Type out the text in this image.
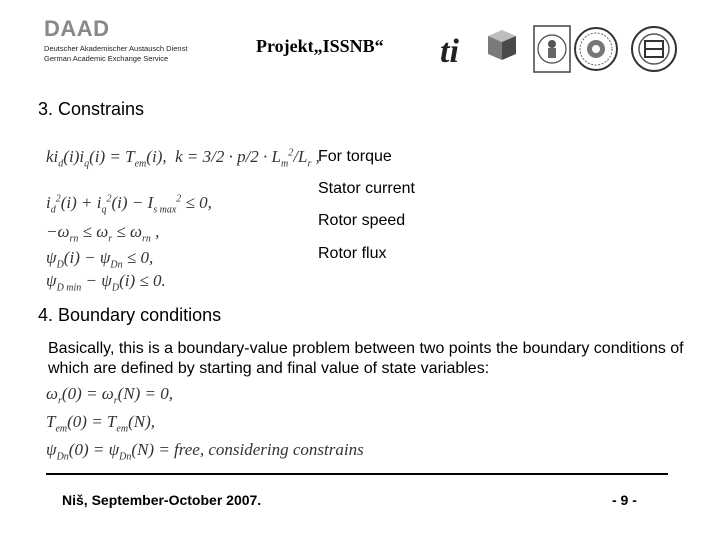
DAAD
Deutscher Akademischer Austausch Dienst
German Academic Exchange Service
Projekt„ISSNB“ ti
3. Constrains
$ki_d(i)i_q(i) = T_{em}(i)$,  $k = 3/2 \cdot p/2 \cdot L_m^2/L_r$ ,
$i_d^2(i) + i_q^2(i) - I_{s max}^2 \le 0$,
$-\omega_{rn} \le \omega_r \le \omega_{rn}$ ,
$\psi_D(i) - \psi_{Dn} \le 0$,
$\psi_{D min} - \psi_D(i) \le 0$.
For torque
Stator current
Rotor speed
Rotor flux
4. Boundary conditions
Basically, this is a boundary-value problem between two points the boundary conditions of which are defined by starting and final value of state variables:
$\omega_r(0) = \omega_r(N) = 0$,
$T_{em}(0) = T_{em}(N)$,
$\psi_{Dn}(0) = \psi_{Dn}(N)$ = free, considering constrains
Niš, September-October 2007.	- 9 -
